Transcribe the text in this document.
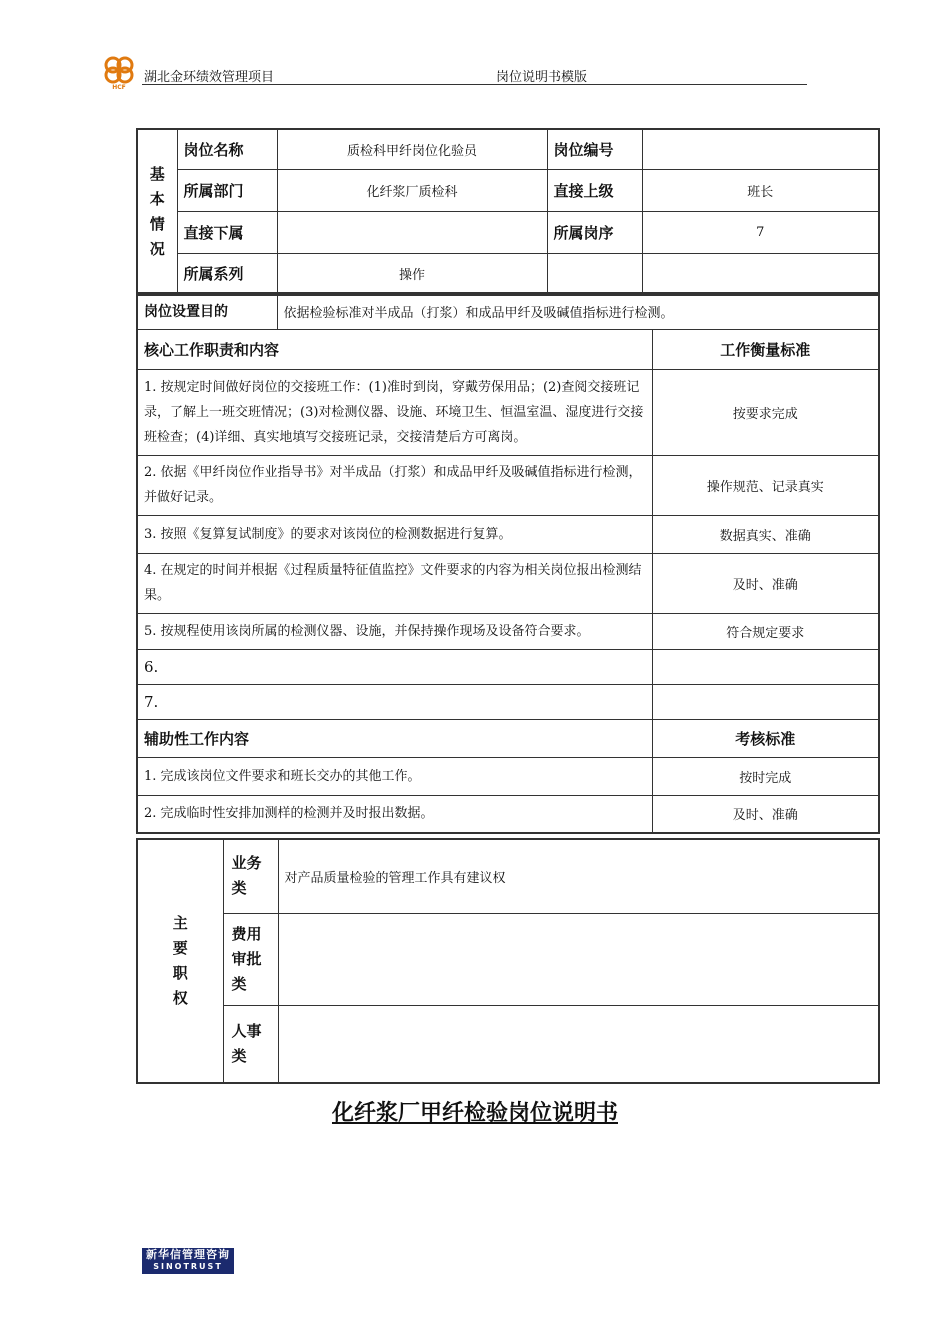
HCF
湖北金环绩效管理项目	岗位说明书模版
基本情况	岗位名称	质检科甲纤岗位化验员	岗位编号	
	所属部门	化纤浆厂质检科	直接上级	班长
	直接下属		所属岗序	7
	所属系列	操作		
岗位设置目的	依据检验标准对半成品（打浆）和成品甲纤及吸碱值指标进行检测。	
核心工作职责和内容		工作衡量标准
1. 按规定时间做好岗位的交接班工作：(1)准时到岗，穿戴劳保用品；(2)查阅交接班记录，了解上一班交班情况；(3)对检测仪器、设施、环境卫生、恒温室温、湿度进行交接班检查；(4)详细、真实地填写交接班记录，交接清楚后方可离岗。		按要求完成
2. 依据《甲纤岗位作业指导书》对半成品（打浆）和成品甲纤及吸碱值指标进行检测，并做好记录。		操作规范、记录真实
3. 按照《复算复试制度》的要求对该岗位的检测数据进行复算。		数据真实、准确
4. 在规定的时间并根据《过程质量特征值监控》文件要求的内容为相关岗位报出检测结果。		及时、准确
5. 按规程使用该岗所属的检测仪器、设施，并保持操作现场及设备符合要求。		符合规定要求
6.		
7.		
辅助性工作内容		考核标准
1. 完成该岗位文件要求和班长交办的其他工作。		按时完成
2. 完成临时性安排加测样的检测并及时报出数据。		及时、准确
主要职权	业务类	对产品质量检验的管理工作具有建议权
	费用审批类	
	人事类	
化纤浆厂甲纤检验岗位说明书
新华信管理咨询
SINOTRUST
